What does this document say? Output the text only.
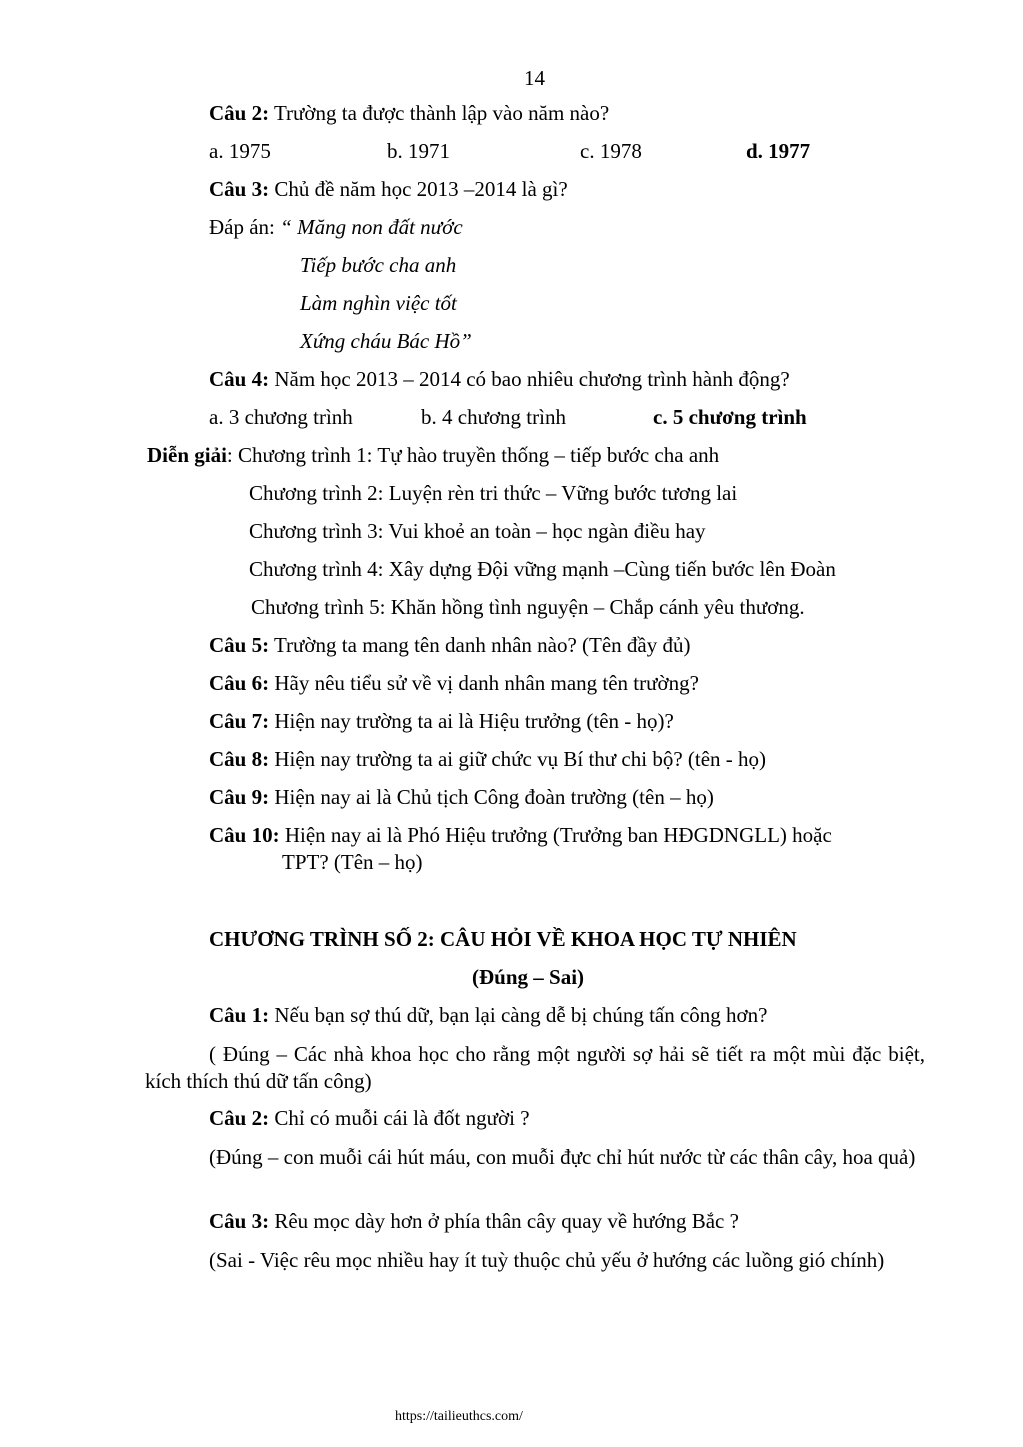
14
Câu 2: Trường ta được thành lập vào năm nào?
a. 1975	b. 1971	c. 1978	d. 1977
Câu 3: Chủ đề năm học 2013 –2014 là gì?
Đáp án: “ Măng non đất nước
Tiếp bước cha anh
Làm nghìn việc tốt
Xứng cháu Bác Hồ”
Câu 4: Năm học 2013 – 2014 có bao nhiêu chương trình hành động?
a. 3 chương trình	b. 4 chương trình	c. 5 chương trình
Diễn giải: Chương trình 1: Tự hào truyền thống – tiếp bước cha anh
Chương trình 2: Luyện rèn tri thức – Vững bước tương lai
Chương trình 3: Vui khoẻ an toàn – học ngàn điều hay
Chương trình 4: Xây dựng Đội vững mạnh –Cùng tiến bước lên Đoàn
Chương trình 5: Khăn hồng tình nguyện – Chắp cánh yêu thương.
Câu 5: Trường ta mang tên danh nhân nào? (Tên đầy đủ)
Câu 6: Hãy nêu tiểu sử về vị danh nhân mang tên trường?
Câu 7: Hiện nay trường ta ai là Hiệu trưởng (tên - họ)?
Câu 8: Hiện nay trường ta ai giữ chức vụ Bí thư chi bộ? (tên - họ)
Câu 9: Hiện nay ai là Chủ tịch Công đoàn trường (tên – họ)
Câu 10: Hiện nay ai là Phó Hiệu trưởng (Trưởng ban HĐGDNGLL) hoặc
TPT? (Tên – họ)
CHƯƠNG TRÌNH SỐ 2: CÂU HỎI VỀ KHOA HỌC TỰ NHIÊN
(Đúng – Sai)
Câu 1: Nếu bạn sợ thú dữ, bạn lại càng dễ bị chúng tấn công hơn?
( Đúng – Các nhà khoa học cho rằng một người sợ hải sẽ tiết ra một mùi đặc biệt, kích thích thú dữ tấn công)
Câu 2: Chỉ có muỗi cái là đốt người ?
(Đúng – con muỗi cái hút máu, con muỗi đực chỉ hút nước từ các thân cây, hoa quả)
Câu 3: Rêu mọc dày hơn ở phía thân cây quay về hướng Bắc ?
(Sai - Việc rêu mọc nhiều hay ít tuỳ thuộc chủ yếu ở hướng các luồng gió chính)
https://tailieuthcs.com/
